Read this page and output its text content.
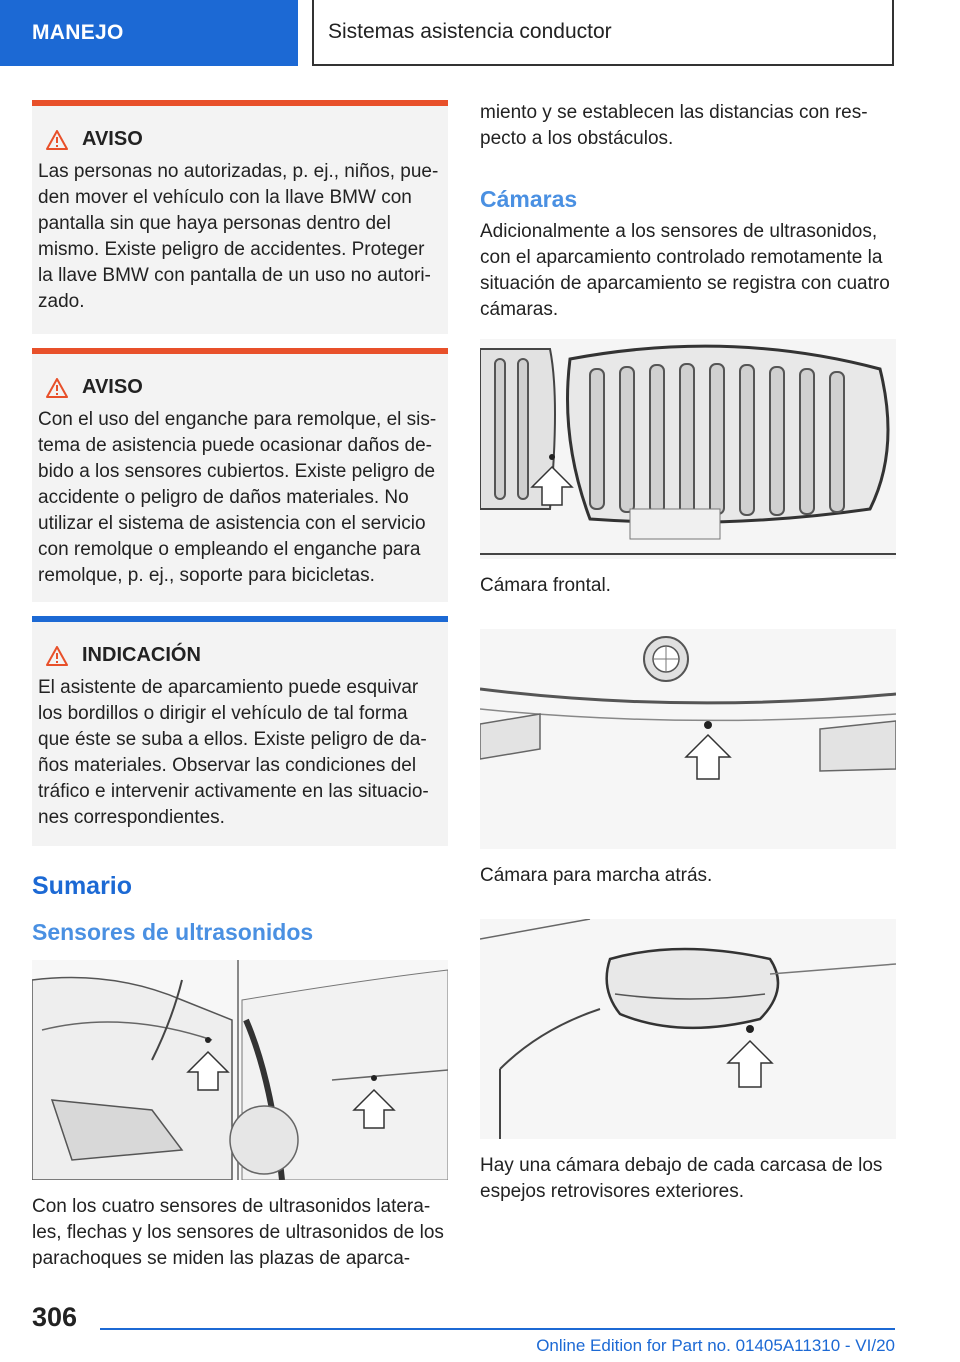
MANEJO	Sistemas asistencia conductor
AVISO
Las personas no autorizadas, p. ej., niños, pue-den mover el vehículo con la llave BMW con pantalla sin que haya personas dentro del mismo. Existe peligro de accidentes. Proteger la llave BMW con pantalla de un uso no autori-zado.
AVISO
Con el uso del enganche para remolque, el sis-tema de asistencia puede ocasionar daños de-bido a los sensores cubiertos. Existe peligro de accidente o peligro de daños materiales. No utilizar el sistema de asistencia con el servicio con remolque o empleando el enganche para remolque, p. ej., soporte para bicicletas.
INDICACIÓN
El asistente de aparcamiento puede esquivar los bordillos o dirigir el vehículo de tal forma que éste se suba a ellos. Existe peligro de da-ños materiales. Observar las condiciones del tráfico e intervenir activamente en las situacio-nes correspondientes.
Sumario
Sensores de ultrasonidos

Con los cuatro sensores de ultrasonidos latera-les, flechas y los sensores de ultrasonidos de los parachoques se miden las plazas de aparca-

miento y se establecen las distancias con res-pecto a los obstáculos.

Cámaras

Adicionalmente a los sensores de ultrasonidos, con el aparcamiento controlado remotamente la situación de aparcamiento se registra con cuatro cámaras.

Cámara frontal.

Cámara para marcha atrás.

Hay una cámara debajo de cada carcasa de los espejos retrovisores exteriores.

306
Online Edition for Part no. 01405A11310 - VI/20
